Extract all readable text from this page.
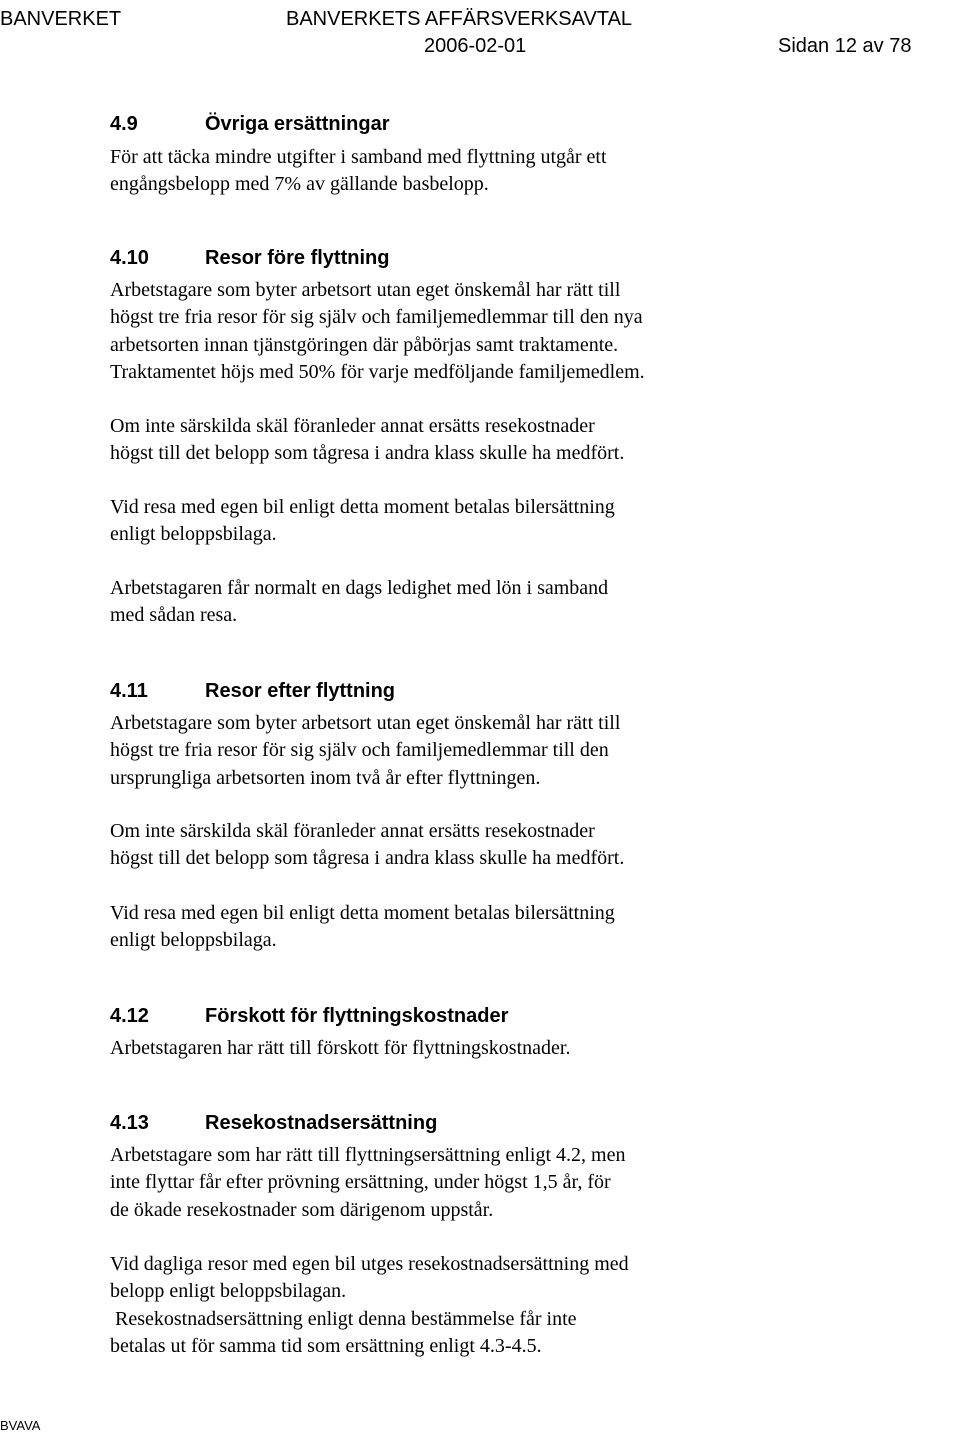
BANVERKET	BANVERKETS AFFÄRSVERKSAVTAL
2006-02-01	Sidan 12 av 78
4.9	Övriga ersättningar
För att täcka mindre utgifter i samband med flyttning utgår ett
engångsbelopp med 7% av gällande basbelopp.
4.10	Resor före flyttning
Arbetstagare som byter arbetsort utan eget önskemål har rätt till
högst tre fria resor för sig själv och familjemedlemmar till den nya
arbetsorten innan tjänstgöringen där påbörjas samt traktamente.
Traktamentet höjs med 50% för varje medföljande familjemedlem.
Om inte särskilda skäl föranleder annat ersätts resekostnader
högst till det belopp som tågresa i andra klass skulle ha medfört.
Vid resa med egen bil enligt detta moment betalas bilersättning
enligt beloppsbilaga.
Arbetstagaren får normalt en dags ledighet med lön i samband
med sådan resa.
4.11	Resor efter flyttning
Arbetstagare som byter arbetsort utan eget önskemål har rätt till
högst tre fria resor för sig själv och familjemedlemmar till den
ursprungliga arbetsorten inom två år efter flyttningen.
Om inte särskilda skäl föranleder annat ersätts resekostnader
högst till det belopp som tågresa i andra klass skulle ha medfört.
Vid resa med egen bil enligt detta moment betalas bilersättning
enligt beloppsbilaga.
4.12	Förskott för flyttningskostnader
Arbetstagaren har rätt till förskott för flyttningskostnader.
4.13	Resekostnadsersättning
Arbetstagare som har rätt till flyttningsersättning enligt 4.2, men
inte flyttar får efter prövning ersättning, under högst 1,5 år, för
de ökade resekostnader som därigenom uppstår.
Vid dagliga resor med egen bil utges resekostnadsersättning med
belopp enligt beloppsbilagan.
Resekostnadsersättning enligt denna bestämmelse får inte
betalas ut för samma tid som ersättning enligt 4.3-4.5.
BVAVA
